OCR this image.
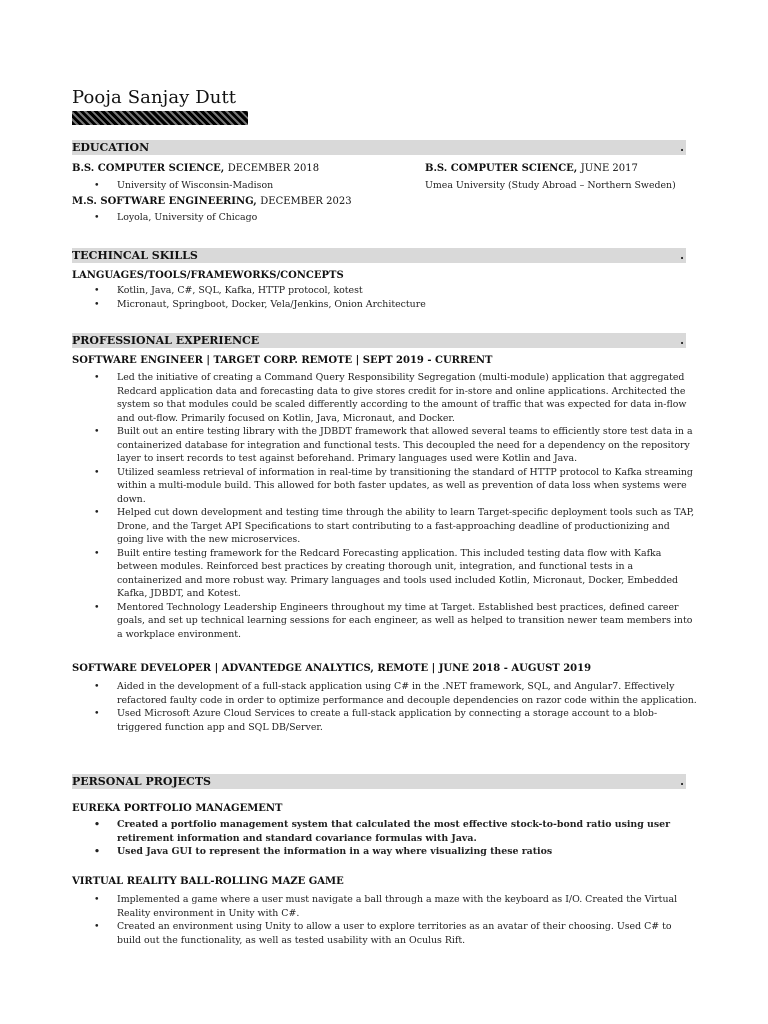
Pooja Sanjay Dutt
EDUCATION	.
B.S. COMPUTER SCIENCE, DECEMBER 2018
• University of Wisconsin-Madison
B.S. COMPUTER SCIENCE, JUNE 2017
Umea University (Study Abroad – Northern Sweden)
M.S. SOFTWARE ENGINEERING, DECEMBER 2023
• Loyola, University of Chicago
TECHINCAL SKILLS	.
LANGUAGES/TOOLS/FRAMEWORKS/CONCEPTS
• Kotlin, Java, C#, SQL, Kafka, HTTP protocol, kotest
• Micronaut, Springboot, Docker, Vela/Jenkins, Onion Architecture
PROFESSIONAL EXPERIENCE	.
SOFTWARE ENGINEER | TARGET CORP. REMOTE | SEPT 2019 - CURRENT
• Led the initiative of creating a Command Query Responsibility Segregation (multi-module) application that aggregated Redcard application data and forecasting data to give stores credit for in-store and online applications. Architected the system so that modules could be scaled differently according to the amount of traffic that was expected for data in-flow and out-flow. Primarily focused on Kotlin, Java, Micronaut, and Docker.
• Built out an entire testing library with the JDBDT framework that allowed several teams to efficiently store test data in a containerized database for integration and functional tests. This decoupled the need for a dependency on the repository layer to insert records to test against beforehand. Primary languages used were Kotlin and Java.
• Utilized seamless retrieval of information in real-time by transitioning the standard of HTTP protocol to Kafka streaming within a multi-module build. This allowed for both faster updates, as well as prevention of data loss when systems were down.
• Helped cut down development and testing time through the ability to learn Target-specific deployment tools such as TAP, Drone, and the Target API Specifications to start contributing to a fast-approaching deadline of productionizing and going live with the new microservices.
• Built entire testing framework for the Redcard Forecasting application. This included testing data flow with Kafka between modules. Reinforced best practices by creating thorough unit, integration, and functional tests in a containerized and more robust way. Primary languages and tools used included Kotlin, Micronaut, Docker, Embedded Kafka, JDBDT, and Kotest.
• Mentored Technology Leadership Engineers throughout my time at Target. Established best practices, defined career goals, and set up technical learning sessions for each engineer, as well as helped to transition newer team members into a workplace environment.
SOFTWARE DEVELOPER | ADVANTEDGE ANALYTICS, REMOTE | JUNE 2018 - AUGUST 2019
• Aided in the development of a full-stack application using C# in the .NET framework, SQL, and Angular7. Effectively refactored faulty code in order to optimize performance and decouple dependencies on razor code within the application.
• Used Microsoft Azure Cloud Services to create a full-stack application by connecting a storage account to a blob-triggered function app and SQL DB/Server.
PERSONAL PROJECTS	.
EUREKA PORTFOLIO MANAGEMENT
• Created a portfolio management system that calculated the most effective stock-to-bond ratio using user retirement information and standard covariance formulas with Java.
• Used Java GUI to represent the information in a way where visualizing these ratios
VIRTUAL REALITY BALL-ROLLING MAZE GAME
• Implemented a game where a user must navigate a ball through a maze with the keyboard as I/O. Created the Virtual Reality environment in Unity with C#.
• Created an environment using Unity to allow a user to explore territories as an avatar of their choosing. Used C# to build out the functionality, as well as tested usability with an Oculus Rift.
